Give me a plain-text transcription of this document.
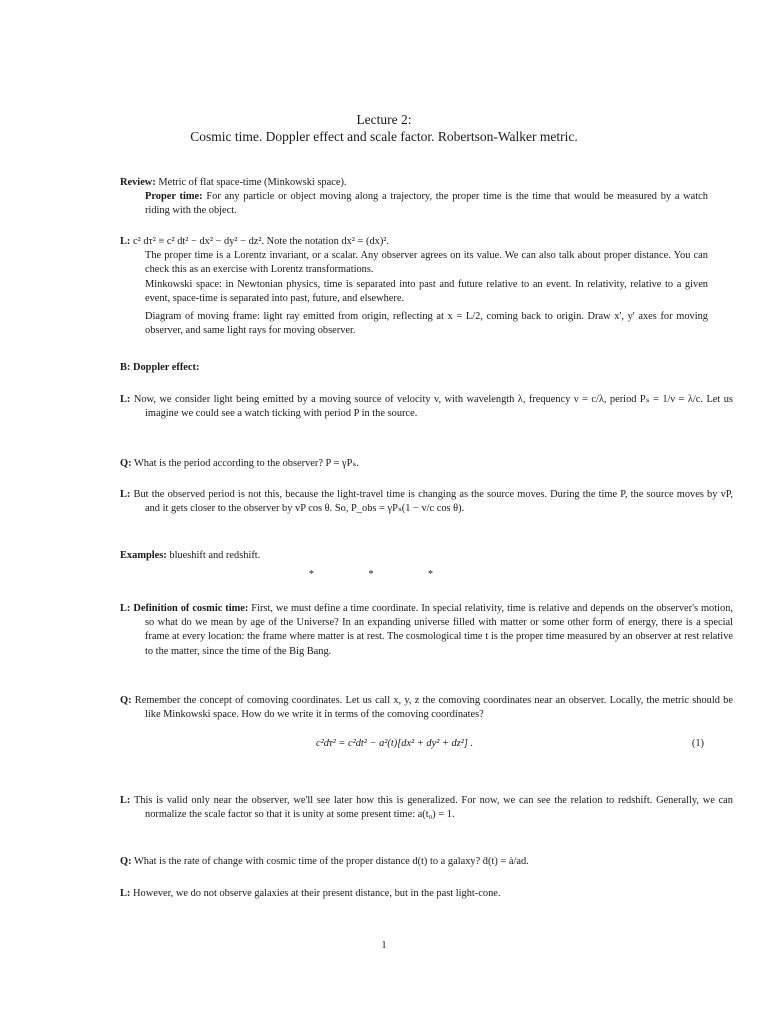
Lecture 2:
Cosmic time. Doppler effect and scale factor. Robertson-Walker metric.

Review: Metric of flat space-time (Minkowski space).

Proper time: For any particle or object moving along a trajectory, the proper time is the time that would be measured by a watch riding with the object.

L: c² dτ² ≡ c² dt² − dx² − dy² − dz². Note the notation dx² = (dx)².

The proper time is a Lorentz invariant, or a scalar. Any observer agrees on its value. We can also talk about proper distance. You can check this as an exercise with Lorentz transformations.

Minkowski space: in Newtonian physics, time is separated into past and future relative to an event. In relativity, relative to a given event, space-time is separated into past, future, and elsewhere.

Diagram of moving frame: light ray emitted from origin, reflecting at x = L/2, coming back to origin. Draw x', y' axes for moving observer, and same light rays for moving observer.

B: Doppler effect:

L: Now, we consider light being emitted by a moving source of velocity v, with wavelength λ, frequency ν = c/λ, period Pₛ = 1/ν = λ/c. Let us imagine we could see a watch ticking with period P in the source.
Q: What is the period according to the observer? P = γPₛ.
L: But the observed period is not this, because the light-travel time is changing as the source moves. During the time P, the source moves by vP, and it gets closer to the observer by vP cos θ. So, P_obs = γPₛ(1 − v/c cos θ).
Examples: blueshift and redshift.
* * *
L: Definition of cosmic time: First, we must define a time coordinate. In special relativity, time is relative and depends on the observer's motion, so what do we mean by age of the Universe? In an expanding universe filled with matter or some other form of energy, there is a special frame at every location: the frame where matter is at rest. The cosmological time t is the proper time measured by an observer at rest relative to the matter, since the time of the Big Bang.
Q: Remember the concept of comoving coordinates. Let us call x, y, z the comoving coordinates near an observer. Locally, the metric should be like Minkowski space. How do we write it in terms of the comoving coordinates?
c²dτ² = c²dt² − a²(t)[dx² + dy² + dz²] .	(1)
L: This is valid only near the observer, we'll see later how this is generalized. For now, we can see the relation to redshift. Generally, we can normalize the scale factor so that it is unity at some present time: a(t₀) = 1.
Q: What is the rate of change with cosmic time of the proper distance d(t) to a galaxy? ḋ(t) = ȧ/ad.
L: However, we do not observe galaxies at their present distance, but in the past light-cone.
1
